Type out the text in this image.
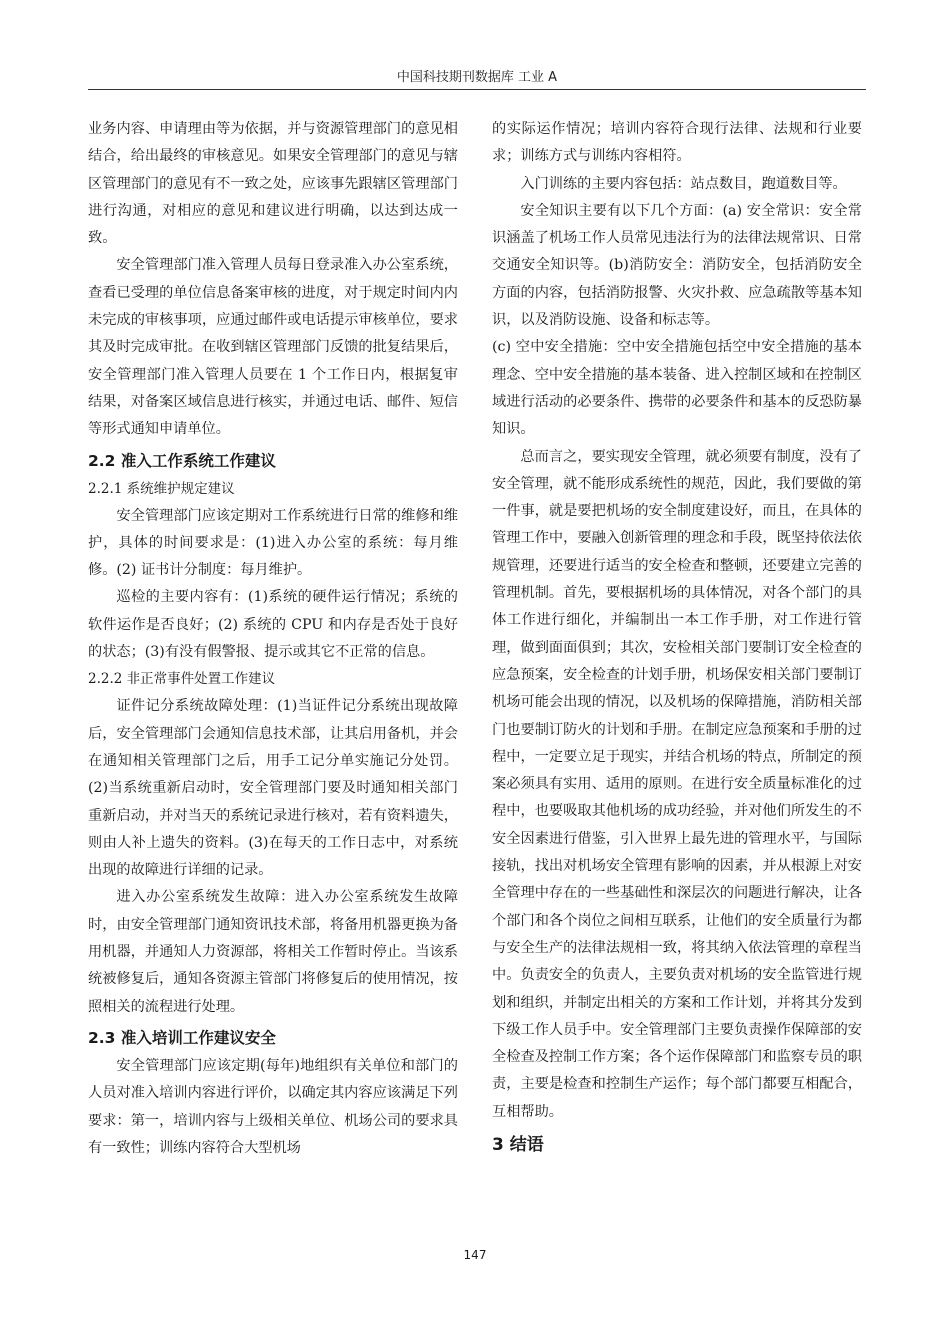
中国科技期刊数据库 工业 A

业务内容、申请理由等为依据，并与资源管理部门的意见相结合，给出最终的审核意见。如果安全管理部门的意见与辖区管理部门的意见有不一致之处，应该事先跟辖区管理部门进行沟通，对相应的意见和建议进行明确，以达到达成一致。

安全管理部门准入管理人员每日登录准入办公室系统，查看已受理的单位信息备案审核的进度，对于规定时间内内未完成的审核事项，应通过邮件或电话提示审核单位，要求其及时完成审批。在收到辖区管理部门反馈的批复结果后，安全管理部门准入管理人员要在 1 个工作日内，根据复审结果，对备案区域信息进行核实，并通过电话、邮件、短信等形式通知申请单位。

2.2 准入工作系统工作建议
2.2.1 系统维护规定建议

安全管理部门应该定期对工作系统进行日常的维修和维护，具体的时间要求是：(1)进入办公室的系统：每月维修。(2) 证书计分制度：每月维护。

巡检的主要内容有：(1)系统的硬件运行情况；系统的软件运作是否良好；(2) 系统的 CPU 和内存是否处于良好的状态；(3)有没有假警报、提示或其它不正常的信息。

2.2.2 非正常事件处置工作建议

证件记分系统故障处理：(1)当证件记分系统出现故障后，安全管理部门会通知信息技术部，让其启用备机，并会在通知相关管理部门之后，用手工记分单实施记分处罚。(2)当系统重新启动时，安全管理部门要及时通知相关部门重新启动，并对当天的系统记录进行核对，若有资料遗失，则由人补上遗失的资料。(3)在每天的工作日志中，对系统出现的故障进行详细的记录。

进入办公室系统发生故障：进入办公室系统发生故障时，由安全管理部门通知资讯技术部，将备用机器更换为备用机器，并通知人力资源部，将相关工作暂时停止。当该系统被修复后，通知各资源主管部门将修复后的使用情况，按照相关的流程进行处理。

2.3 准入培训工作建议安全

安全管理部门应该定期(每年)地组织有关单位和部门的人员对准入培训内容进行评价，以确定其内容应该满足下列要求：第一，培训内容与上级相关单位、机场公司的要求具有一致性；训练内容符合大型机场

的实际运作情况；培训内容符合现行法律、法规和行业要求；训练方式与训练内容相符。

入门训练的主要内容包括：站点数目，跑道数目等。

安全知识主要有以下几个方面：(a) 安全常识：安全常识涵盖了机场工作人员常见违法行为的法律法规常识、日常交通安全知识等。(b)消防安全：消防安全，包括消防安全方面的内容，包括消防报警、火灾扑救、应急疏散等基本知识，以及消防设施、设备和标志等。

(c) 空中安全措施：空中安全措施包括空中安全措施的基本理念、空中安全措施的基本装备、进入控制区域和在控制区域进行活动的必要条件、携带的必要条件和基本的反恐防暴知识。

总而言之，要实现安全管理，就必须要有制度，没有了安全管理，就不能形成系统性的规范，因此，我们要做的第一件事，就是要把机场的安全制度建设好，而且，在具体的管理工作中，要融入创新管理的理念和手段，既坚持依法依规管理，还要进行适当的安全检查和整顿，还要建立完善的管理机制。首先，要根据机场的具体情况，对各个部门的具体工作进行细化，并编制出一本工作手册，对工作进行管理，做到面面俱到；其次，安检相关部门要制订安全检查的应急预案，安全检查的计划手册，机场保安相关部门要制订机场可能会出现的情况，以及机场的保障措施，消防相关部门也要制订防火的计划和手册。在制定应急预案和手册的过程中，一定要立足于现实，并结合机场的特点，所制定的预案必须具有实用、适用的原则。在进行安全质量标准化的过程中，也要吸取其他机场的成功经验，并对他们所发生的不安全因素进行借鉴，引入世界上最先进的管理水平，与国际接轨，找出对机场安全管理有影响的因素，并从根源上对安全管理中存在的一些基础性和深层次的问题进行解决，让各个部门和各个岗位之间相互联系，让他们的安全质量行为都与安全生产的法律法规相一致，将其纳入依法管理的章程当中。负责安全的负责人，主要负责对机场的安全监管进行规划和组织，并制定出相关的方案和工作计划，并将其分发到下级工作人员手中。安全管理部门主要负责操作保障部的安全检查及控制工作方案；各个运作保障部门和监察专员的职责，主要是检查和控制生产运作；每个部门都要互相配合，互相帮助。

3 结语
147
